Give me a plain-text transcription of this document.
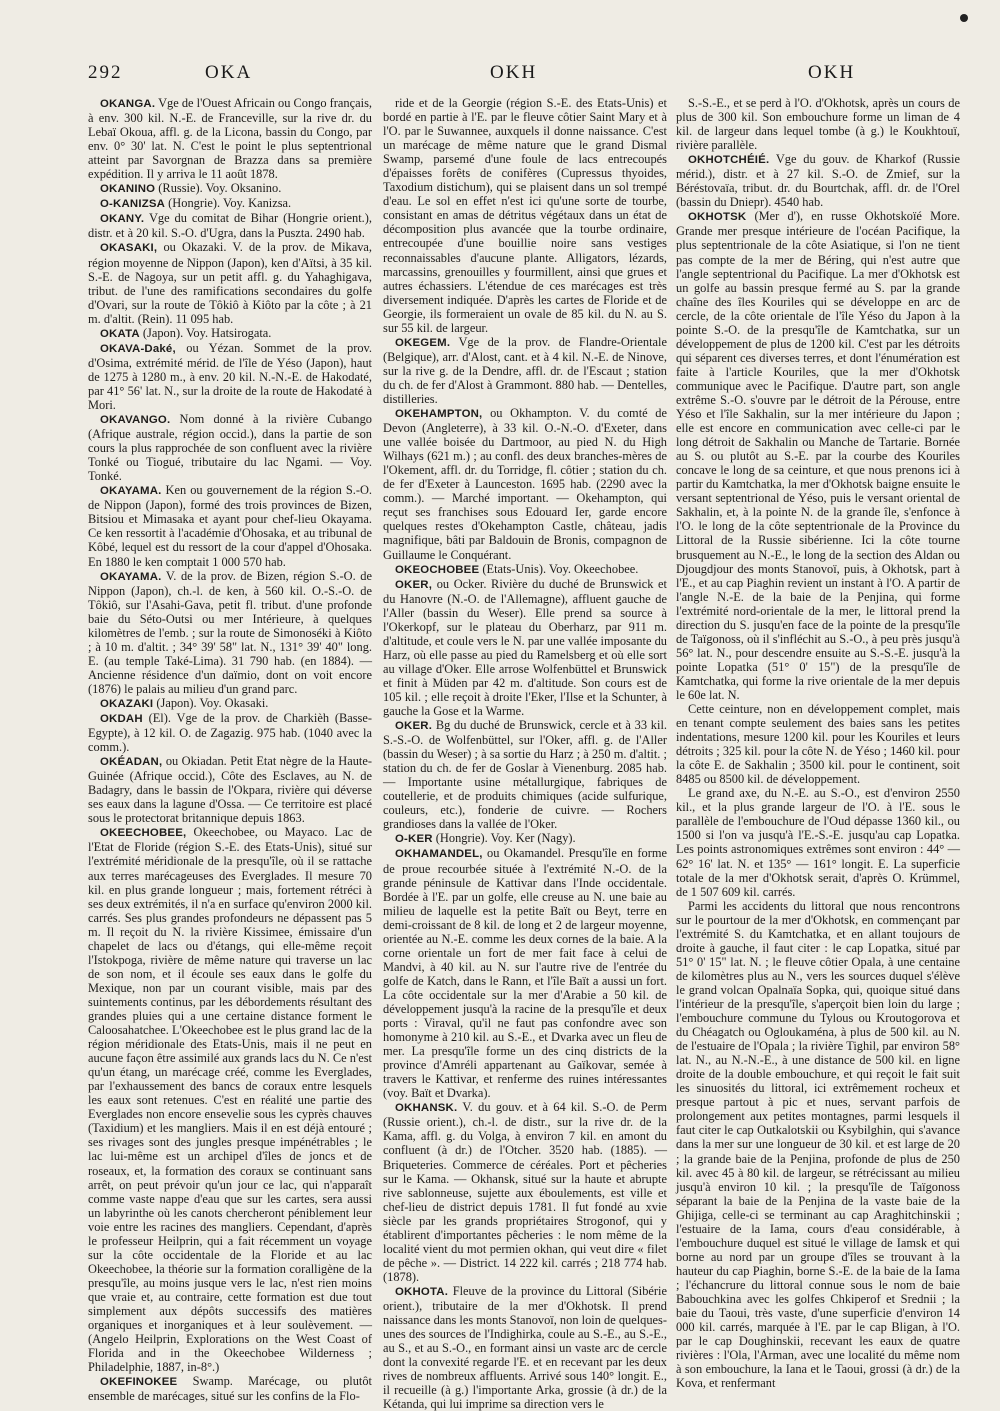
292	OKA	OKH	OKH

OKANGA. Vge de l'Ouest Africain ou Congo français, à env. 300 kil. N.-E. de Franceville, sur la rive dr. du Lebaï Okoua, affl. g. de la Licona, bassin du Congo, par env. 0° 30' lat. N. C'est le point le plus septentrional atteint par Savorgnan de Brazza dans sa première expédition. Il y arriva le 11 août 1878.

OKANINO (Russie). Voy. Oksanino.

O-KANIZSA (Hongrie). Voy. Kanizsa.

OKANY. Vge du comitat de Bihar (Hongrie orient.), distr. et à 20 kil. S.-O. d'Ugra, dans la Puszta. 2490 hab.

OKASAKI, ou Okazaki. V. de la prov. de Mikava, région moyenne de Nippon (Japon), ken d'Aïtsi, à 35 kil. S.-E. de Nagoya, sur un petit affl. g. du Yahaghigava, tribut. de l'une des ramifications secondaires du golfe d'Ovari, sur la route de Tôkiô à Kiôto par la côte ; à 21 m. d'altit. (Rein). 11 095 hab.

OKATA (Japon). Voy. Hatsirogata.

OKAVA-Daké, ou Yézan. Sommet de la prov. d'Osima, extrémité mérid. de l'île de Yéso (Japon), haut de 1275 à 1280 m., à env. 20 kil. N.-N.-E. de Hakodaté, par 41° 56' lat. N., sur la droite de la route de Hakodaté à Mori.

OKAVANGO. Nom donné à la rivière Cubango (Afrique australe, région occid.), dans la partie de son cours la plus rapprochée de son confluent avec la rivière Tonké ou Tiogué, tributaire du lac Ngami. — Voy. Tonké.

OKAYAMA. Ken ou gouvernement de la région S.-O. de Nippon (Japon), formé des trois provinces de Bizen, Bitsiou et Mimasaka et ayant pour chef-lieu Okayama. Ce ken ressortit à l'académie d'Ohosaka, et au tribunal de Kôbé, lequel est du ressort de la cour d'appel d'Ohosaka. En 1880 le ken comptait 1 000 570 hab.

OKAYAMA. V. de la prov. de Bizen, région S.-O. de Nippon (Japon), ch.-l. de ken, à 560 kil. O.-S.-O. de Tôkiô, sur l'Asahi-Gava, petit fl. tribut. d'une profonde baie du Séto-Outsi ou mer Intérieure, à quelques kilomètres de l'emb. ; sur la route de Simonoséki à Kiôto ; à 10 m. d'altit. ; 34° 39' 58" lat. N., 131° 39' 40" long. E. (au temple Také-Lima). 31 790 hab. (en 1884). — Ancienne résidence d'un daïmio, dont on voit encore (1876) le palais au milieu d'un grand parc.

OKAZAKI (Japon). Voy. Okasaki.

OKDAH (El). Vge de la prov. de Charkièh (Basse-Egypte), à 12 kil. O. de Zagazig. 975 hab. (1040 avec la comm.).

OKÉADAN, ou Okiadan. Petit Etat nègre de la Haute-Guinée (Afrique occid.), Côte des Esclaves, au N. de Badagry, dans le bassin de l'Okpara, rivière qui déverse ses eaux dans la lagune d'Ossa. — Ce territoire est placé sous le protectorat britannique depuis 1863.

OKEECHOBEE, Okeechobee, ou Mayaco. Lac de l'Etat de Floride (région S.-E. des Etats-Unis), situé sur l'extrémité méridionale de la presqu'île, où il se rattache aux terres marécageuses des Everglades. Il mesure 70 kil. en plus grande longueur ; mais, fortement rétréci à ses deux extrémités, il n'a en surface qu'environ 2000 kil. carrés. Ses plus grandes profondeurs ne dépassent pas 5 m. Il reçoit du N. la rivière Kissimee, émissaire d'un chapelet de lacs ou d'étangs, qui elle-même reçoit l'Istokpoga, rivière de même nature qui traverse un lac de son nom, et il écoule ses eaux dans le golfe du Mexique, non par un courant visible, mais par des suintements continus, par les débordements résultant des grandes pluies qui a une certaine distance forment le Caloosahatchee. L'Okeechobee est le plus grand lac de la région méridionale des Etats-Unis, mais il ne peut en aucune façon être assimilé aux grands lacs du N. Ce n'est qu'un étang, un marécage créé, comme les Everglades, par l'exhaussement des bancs de coraux entre lesquels les eaux sont retenues. C'est en réalité une partie des Everglades non encore ensevelie sous les cyprès chauves (Taxidium) et les mangliers. Mais il en est déjà entouré ; ses rivages sont des jungles presque impénétrables ; le lac lui-même est un archipel d'îles de joncs et de roseaux, et, la formation des coraux se continuant sans arrêt, on peut prévoir qu'un jour ce lac, qui n'apparaît comme vaste nappe d'eau que sur les cartes, sera aussi un labyrinthe où les canots chercheront péniblement leur voie entre les racines des mangliers. Cependant, d'après le professeur Heilprin, qui a fait récemment un voyage sur la côte occidentale de la Floride et au lac Okeechobee, la théorie sur la formation coralligène de la presqu'île, au moins jusque vers le lac, n'est rien moins que vraie et, au contraire, cette formation est due tout simplement aux dépôts successifs des matières organiques et inorganiques et à leur soulèvement. — (Angelo Heilprin, Explorations on the West Coast of Florida and in the Okeechobee Wilderness ; Philadelphie, 1887, in-8°.)

OKEFINOKEE Swamp. Marécage, ou plutôt ensemble de marécages, situé sur les confins de la Flo-

ride et de la Georgie (région S.-E. des Etats-Unis) et bordé en partie à l'E. par le fleuve côtier Saint Mary et à l'O. par le Suwannee, auxquels il donne naissance. C'est un marécage de même nature que le grand Dismal Swamp, parsemé d'une foule de lacs entrecoupés d'épaisses forêts de conifères (Cupressus thyoides, Taxodium distichum), qui se plaisent dans un sol trempé d'eau. Le sol en effet n'est ici qu'une sorte de tourbe, consistant en amas de détritus végétaux dans un état de décomposition plus avancée que la tourbe ordinaire, entrecoupée d'une bouillie noire sans vestiges reconnaissables d'aucune plante. Alligators, lézards, marcassins, grenouilles y fourmillent, ainsi que grues et autres échassiers. L'étendue de ces marécages est très diversement indiquée. D'après les cartes de Floride et de Georgie, ils formeraient un ovale de 85 kil. du N. au S. sur 55 kil. de largeur.

OKEGEM. Vge de la prov. de Flandre-Orientale (Belgique), arr. d'Alost, cant. et à 4 kil. N.-E. de Ninove, sur la rive g. de la Dendre, affl. dr. de l'Escaut ; station du ch. de fer d'Alost à Grammont. 880 hab. — Dentelles, distilleries.

OKEHAMPTON, ou Okhampton. V. du comté de Devon (Angleterre), à 33 kil. O.-N.-O. d'Exeter, dans une vallée boisée du Dartmoor, au pied N. du High Wilhays (621 m.) ; au confl. des deux branches-mères de l'Okement, affl. dr. du Torridge, fl. côtier ; station du ch. de fer d'Exeter à Launceston. 1695 hab. (2290 avec la comm.). — Marché important. — Okehampton, qui reçut ses franchises sous Edouard Ier, garde encore quelques restes d'Okehampton Castle, château, jadis magnifique, bâti par Baldouin de Bronis, compagnon de Guillaume le Conquérant.

OKEOCHOBEE (Etats-Unis). Voy. Okeechobee.

OKER, ou Ocker. Rivière du duché de Brunswick et du Hanovre (N.-O. de l'Allemagne), affluent gauche de l'Aller (bassin du Weser). Elle prend sa source à l'Okerkopf, sur le plateau du Oberharz, par 911 m. d'altitude, et coule vers le N. par une vallée imposante du Harz, où elle passe au pied du Ramelsberg et où elle sort au village d'Oker. Elle arrose Wolfenbüttel et Brunswick et finit à Müden par 42 m. d'altitude. Son cours est de 105 kil. ; elle reçoit à droite l'Eker, l'Ilse et la Schunter, à gauche la Gose et la Warme.

OKER. Bg du duché de Brunswick, cercle et à 33 kil. S.-S.-O. de Wolfenbüttel, sur l'Oker, affl. g. de l'Aller (bassin du Weser) ; à sa sortie du Harz ; à 250 m. d'altit. ; station du ch. de fer de Goslar à Vienenburg. 2085 hab. — Importante usine métallurgique, fabriques de coutellerie, et de produits chimiques (acide sulfurique, couleurs, etc.), fonderie de cuivre. — Rochers grandioses dans la vallée de l'Oker.

O-KER (Hongrie). Voy. Ker (Nagy).

OKHAMANDEL, ou Okamandel. Presqu'île en forme de proue recourbée située à l'extrémité N.-O. de la grande péninsule de Kattivar dans l'Inde occidentale. Bordée à l'E. par un golfe, elle creuse au N. une baie au milieu de laquelle est la petite Baït ou Beyt, terre en demi-croissant de 8 kil. de long et 2 de largeur moyenne, orientée au N.-E. comme les deux cornes de la baie. A la corne orientale un fort de mer fait face à celui de Mandvi, à 40 kil. au N. sur l'autre rive de l'entrée du golfe de Katch, dans le Rann, et l'île Baït a aussi un fort. La côte occidentale sur la mer d'Arabie a 50 kil. de développement jusqu'à la racine de la presqu'île et deux ports : Viraval, qu'il ne faut pas confondre avec son homonyme à 210 kil. au S.-E., et Dvarka avec un fleu de mer. La presqu'île forme un des cinq districts de la province d'Amréli appartenant au Gaïkovar, semée à travers le Kattivar, et renferme des ruines intéressantes (voy. Baït et Dvarka).

OKHANSK. V. du gouv. et à 64 kil. S.-O. de Perm (Russie orient.), ch.-l. de distr., sur la rive dr. de la Kama, affl. g. du Volga, à environ 7 kil. en amont du confluent (à dr.) de l'Otcher. 3520 hab. (1885). — Briqueteries. Commerce de céréales. Port et pêcheries sur le Kama. — Okhansk, situé sur la haute et abrupte rive sablonneuse, sujette aux éboulements, est ville et chef-lieu de district depuis 1781. Il fut fondé au xvie siècle par les grands propriétaires Strogonof, qui y établirent d'importantes pêcheries : le nom même de la localité vient du mot permien okhan, qui veut dire « filet de pêche ». — District. 14 222 kil. carrés ; 218 774 hab. (1878).

OKHOTA. Fleuve de la province du Littoral (Sibérie orient.), tributaire de la mer d'Okhotsk. Il prend naissance dans les monts Stanovoï, non loin de quelques-unes des sources de l'Indighirka, coule au S.-E., au S.-E., au S., et au S.-O., en formant ainsi un vaste arc de cercle dont la convexité regarde l'E. et en recevant par les deux rives de nombreux affluents. Arrivé sous 140° longit. E., il recueille (à g.) l'importante Arka, grossie (à dr.) de la Kétanda, qui lui imprime sa direction vers le

S.-S.-E., et se perd à l'O. d'Okhotsk, après un cours de plus de 300 kil. Son embouchure forme un liman de 4 kil. de largeur dans lequel tombe (à g.) le Koukhtouï, rivière parallèle.

OKHOTCHÉIÉ. Vge du gouv. de Kharkof (Russie mérid.), distr. et à 27 kil. S.-O. de Zmief, sur la Béréstovaïa, tribut. dr. du Bourtchak, affl. dr. de l'Orel (bassin du Dniepr). 4540 hab.

OKHOTSK (Mer d'), en russe Okhotskoïé More. Grande mer presque intérieure de l'océan Pacifique, la plus septentrionale de la côte Asiatique, si l'on ne tient pas compte de la mer de Béring, qui n'est autre que l'angle septentrional du Pacifique. La mer d'Okhotsk est un golfe au bassin presque fermé au S. par la grande chaîne des îles Kouriles qui se développe en arc de cercle, de la côte orientale de l'île Yéso du Japon à la pointe S.-O. de la presqu'île de Kamtchatka, sur un développement de plus de 1200 kil. C'est par les détroits qui séparent ces diverses terres, et dont l'énumération est faite à l'article Kouriles, que la mer d'Okhotsk communique avec le Pacifique. D'autre part, son angle extrême S.-O. s'ouvre par le détroit de la Pérouse, entre Yéso et l'île Sakhalin, sur la mer intérieure du Japon ; elle est encore en communication avec celle-ci par le long détroit de Sakhalin ou Manche de Tartarie. Bornée au S. ou plutôt au S.-E. par la courbe des Kouriles concave le long de sa ceinture, et que nous prenons ici à partir du Kamtchatka, la mer d'Okhotsk baigne ensuite le versant septentrional de Yéso, puis le versant oriental de Sakhalin, et, à la pointe N. de la grande île, s'enfonce à l'O. le long de la côte septentrionale de la Province du Littoral de la Russie sibérienne. Ici la côte tourne brusquement au N.-E., le long de la section des Aldan ou Djougdjour des monts Stanovoï, puis, à Okhotsk, part à l'E., et au cap Piaghin revient un instant à l'O. A partir de l'angle N.-E. de la baie de la Penjina, qui forme l'extrémité nord-orientale de la mer, le littoral prend la direction du S. jusqu'en face de la pointe de la presqu'île de Taïgonoss, où il s'infléchit au S.-O., à peu près jusqu'à 56° lat. N., pour descendre ensuite au S.-S.-E. jusqu'à la pointe Lopatka (51° 0' 15") de la presqu'île de Kamtchatka, qui forme la rive orientale de la mer depuis le 60e lat. N.

Cette ceinture, non en développement complet, mais en tenant compte seulement des baies sans les petites indentations, mesure 1200 kil. pour les Kouriles et leurs détroits ; 325 kil. pour la côte N. de Yéso ; 1460 kil. pour la côte E. de Sakhalin ; 3500 kil. pour le continent, soit 8485 ou 8500 kil. de développement.

Le grand axe, du N.-E. au S.-O., est d'environ 2550 kil., et la plus grande largeur de l'O. à l'E. sous le parallèle de l'embouchure de l'Oud dépasse 1360 kil., ou 1500 si l'on va jusqu'à l'E.-S.-E. jusqu'au cap Lopatka. Les points astronomiques extrêmes sont environ : 44° — 62° 16' lat. N. et 135° — 161° longit. E. La superficie totale de la mer d'Okhotsk serait, d'après O. Krümmel, de 1 507 609 kil. carrés.

Parmi les accidents du littoral que nous rencontrons sur le pourtour de la mer d'Okhotsk, en commençant par l'extrémité S. du Kamtchatka, et en allant toujours de droite à gauche, il faut citer : le cap Lopatka, situé par 51° 0' 15" lat. N. ; le fleuve côtier Opala, à une centaine de kilomètres plus au N., vers les sources duquel s'élève le grand volcan Opalnaïa Sopka, qui, quoique situé dans l'intérieur de la presqu'île, s'aperçoit bien loin du large ; l'embouchure commune du Tylous ou Kroutogorova et du Chéagatch ou Ogloukaména, à plus de 500 kil. au N. de l'estuaire de l'Opala ; la rivière Tighil, par environ 58° lat. N., au N.-N.-E., à une distance de 500 kil. en ligne droite de la double embouchure, et qui reçoit le fait suit les sinuosités du littoral, ici extrêmement rocheux et presque partout à pic et nues, servant parfois de prolongement aux petites montagnes, parmi lesquels il faut citer le cap Outkalotskii ou Ksybilghin, qui s'avance dans la mer sur une longueur de 30 kil. et est large de 20 ; la grande baie de la Penjina, profonde de plus de 250 kil. avec 45 à 80 kil. de largeur, se rétrécissant au milieu jusqu'à environ 10 kil. ; la presqu'île de Taïgonoss séparant la baie de la Penjina de la vaste baie de la Ghijiga, celle-ci se terminant au cap Araghitchinskii ; l'estuaire de la Iama, cours d'eau considérable, à l'embouchure duquel est situé le village de Iamsk et qui borne au nord par un groupe d'îles se trouvant à la hauteur du cap Piaghin, borne S.-E. de la baie de la Iama ; l'échancrure du littoral connue sous le nom de baie Babouchkina avec les golfes Chkiperof et Srednii ; la baie du Taoui, très vaste, d'une superficie d'environ 14 000 kil. carrés, marquée à l'E. par le cap Bligan, à l'O. par le cap Doughinskii, recevant les eaux de quatre rivières : l'Ola, l'Arman, avec une localité du même nom à son embouchure, la Iana et le Taoui, grossi (à dr.) de la Kova, et renfermant
